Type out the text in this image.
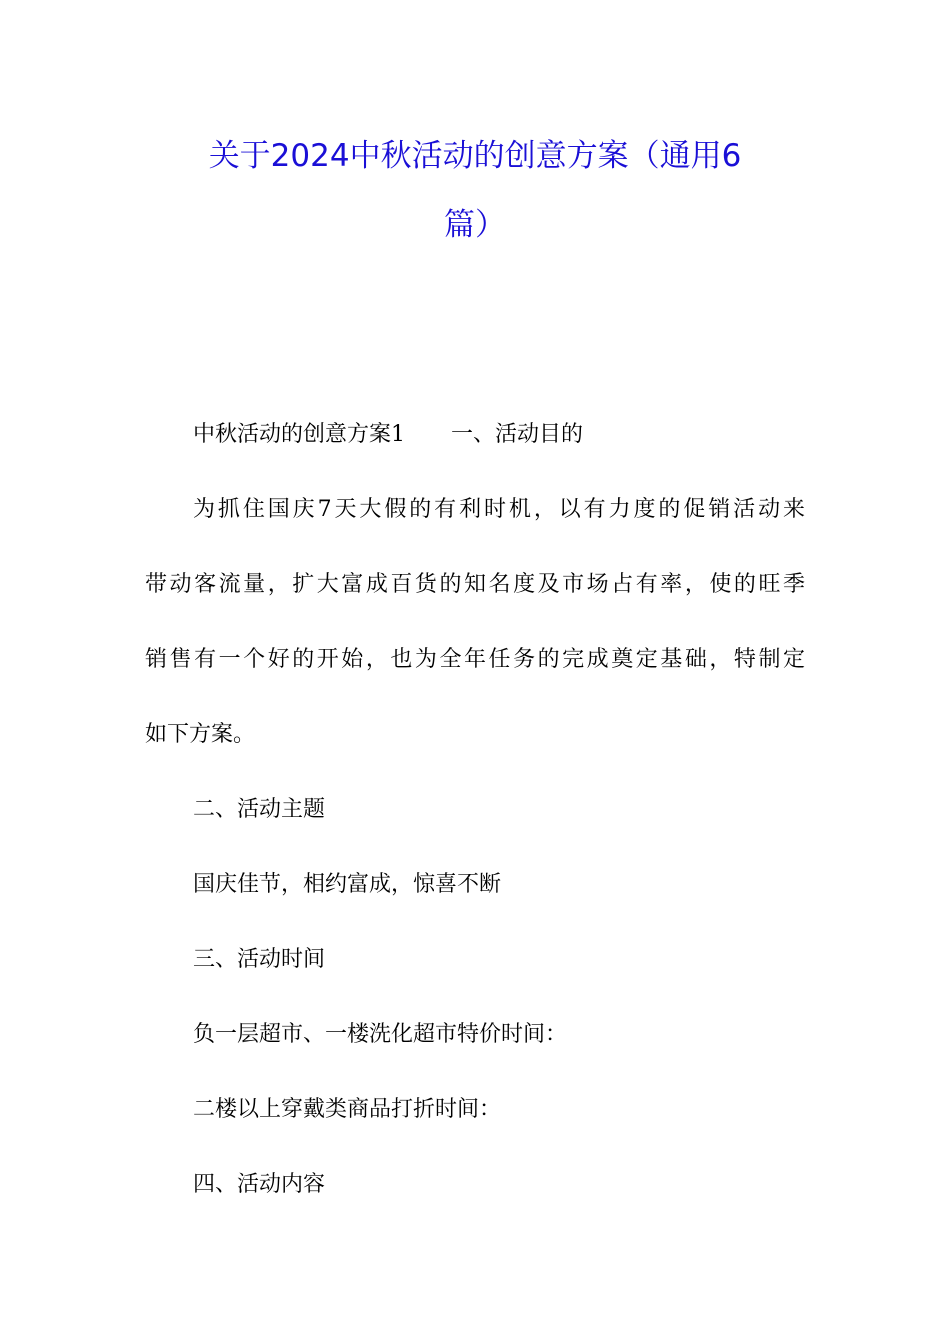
关于2024中秋活动的创意方案（通用6
篇）
中秋活动的创意方案1 一、活动目的
为抓住国庆7天大假的有利时机，以有力度的促销活动来
带动客流量，扩大富成百货的知名度及市场占有率，使的旺季
销售有一个好的开始，也为全年任务的完成奠定基础，特制定
如下方案。
二、活动主题
国庆佳节，相约富成，惊喜不断
三、活动时间
负一层超市、一楼洗化超市特价时间：
二楼以上穿戴类商品打折时间：
四、活动内容
